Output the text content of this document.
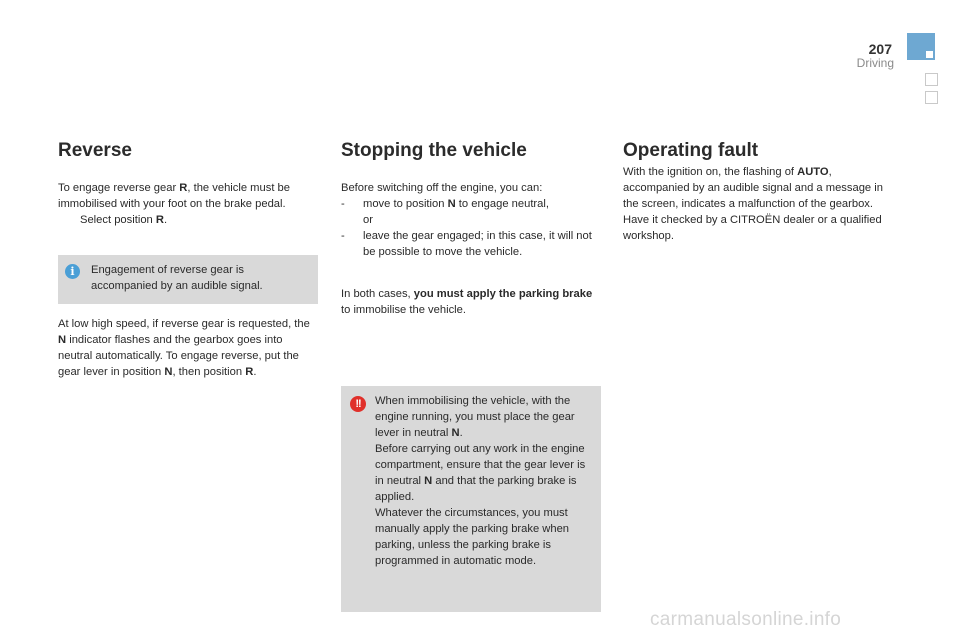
207
Driving
Reverse

To engage reverse gear R, the vehicle must be immobilised with your foot on the brake pedal.

Select position R.

i	Engagement of reverse gear is accompanied by an audible signal.

At low high speed, if reverse gear is requested, the N indicator flashes and the gearbox goes into neutral automatically. To engage reverse, put the gear lever in position N, then position R.

Stopping the vehicle

Before switching off the engine, you can:

-	move to position N to engage neutral,

or

-	leave the gear engaged; in this case, it will not be possible to move the vehicle.

In both cases, you must apply the parking brake to immobilise the vehicle.

!!	When immobilising the vehicle, with the engine running, you must place the gear lever in neutral N.

Before carrying out any work in the engine compartment, ensure that the gear lever is in neutral N and that the parking brake is applied.

Whatever the circumstances, you must manually apply the parking brake when parking, unless the parking brake is programmed in automatic mode.

Operating fault

With the ignition on, the flashing of AUTO, accompanied by an audible signal and a message in the screen, indicates a malfunction of the gearbox.

Have it checked by a CITROËN dealer or a qualified workshop.

carmanualsonline.info
